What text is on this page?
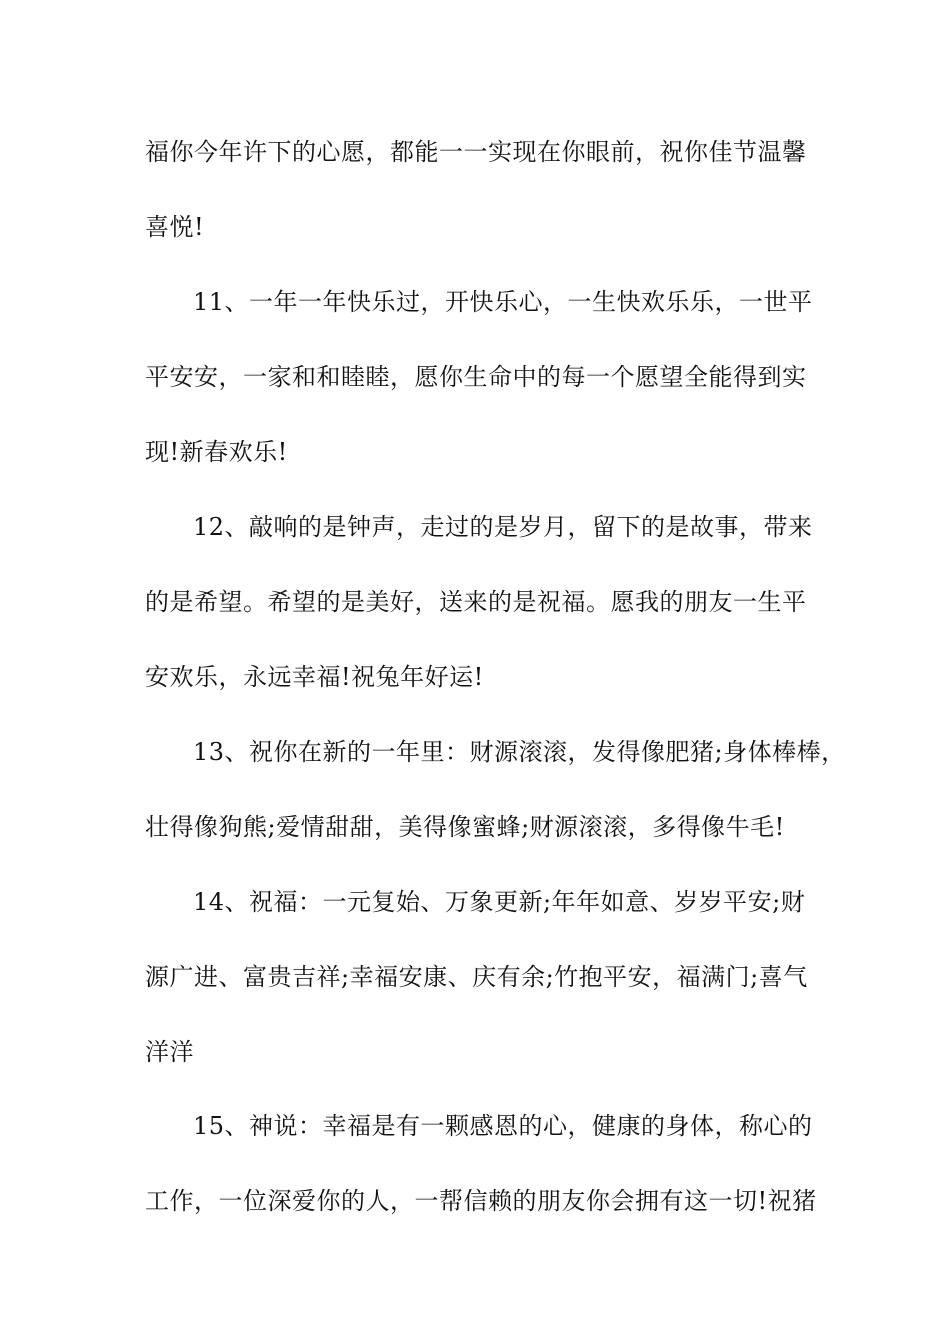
福你今年许下的心愿，都能一一实现在你眼前，祝你佳节温馨
喜悦!
11、一年一年快乐过，开快乐心，一生快欢乐乐，一世平
平安安，一家和和睦睦，愿你生命中的每一个愿望全能得到实
现!新春欢乐!
12、敲响的是钟声，走过的是岁月，留下的是故事，带来
的是希望。希望的是美好，送来的是祝福。愿我的朋友一生平
安欢乐，永远幸福!祝兔年好运!
13、祝你在新的一年里：财源滚滚，发得像肥猪;身体棒棒，
壮得像狗熊;爱情甜甜，美得像蜜蜂;财源滚滚，多得像牛毛!
14、祝福：一元复始、万象更新;年年如意、岁岁平安;财
源广进、富贵吉祥;幸福安康、庆有余;竹抱平安，福满门;喜气
洋洋
15、神说：幸福是有一颗感恩的心，健康的身体，称心的
工作，一位深爱你的人，一帮信赖的朋友你会拥有这一切!祝猪
